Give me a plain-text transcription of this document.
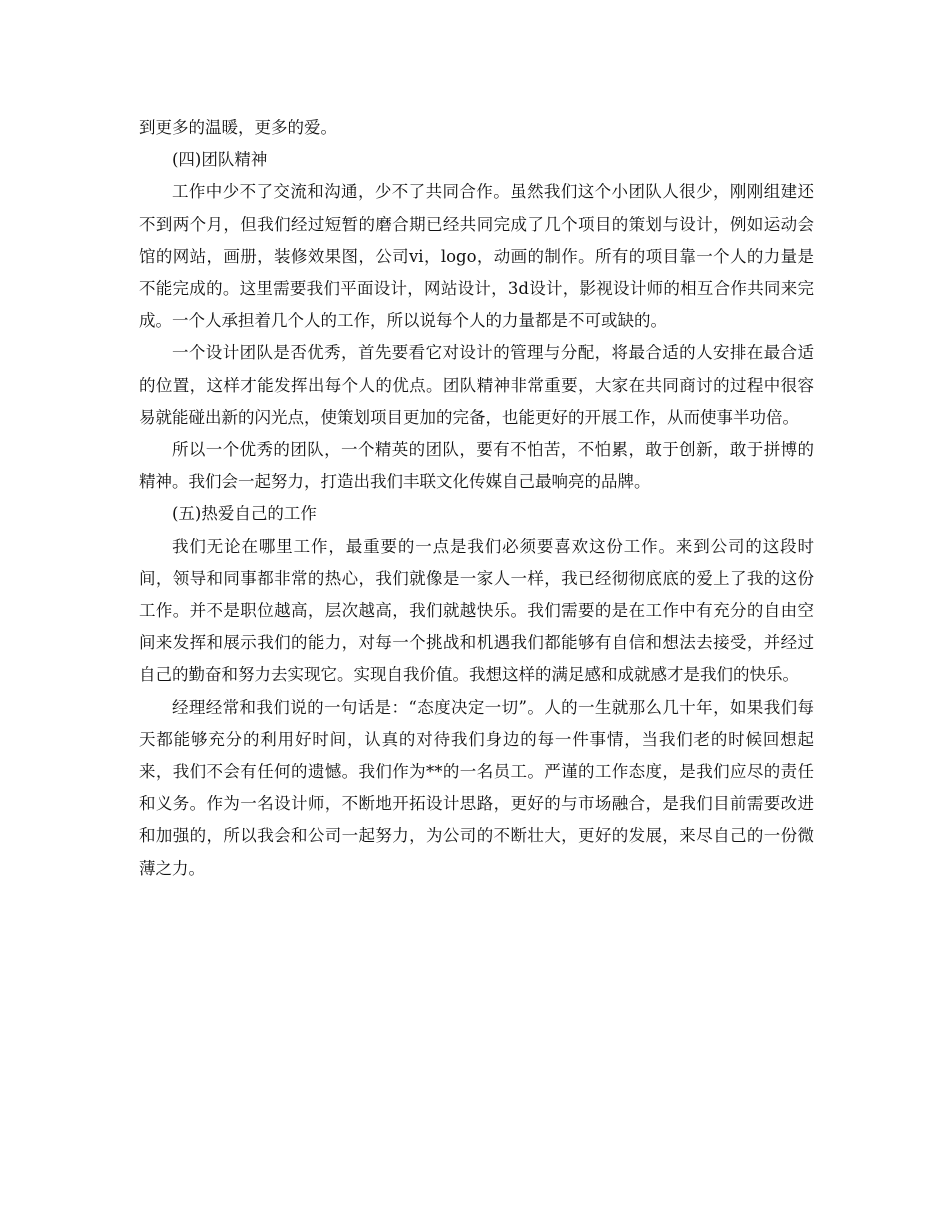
到更多的温暖，更多的爱。

(四)团队精神

工作中少不了交流和沟通，少不了共同合作。虽然我们这个小团队人很少，刚刚组建还不到两个月，但我们经过短暂的磨合期已经共同完成了几个项目的策划与设计，例如运动会馆的网站，画册，装修效果图，公司vi，logo，动画的制作。所有的项目靠一个人的力量是不能完成的。这里需要我们平面设计，网站设计，3d设计，影视设计师的相互合作共同来完成。一个人承担着几个人的工作，所以说每个人的力量都是不可或缺的。

一个设计团队是否优秀，首先要看它对设计的管理与分配，将最合适的人安排在最合适的位置，这样才能发挥出每个人的优点。团队精神非常重要，大家在共同商讨的过程中很容易就能碰出新的闪光点，使策划项目更加的完备，也能更好的开展工作，从而使事半功倍。

所以一个优秀的团队，一个精英的团队，要有不怕苦，不怕累，敢于创新，敢于拼博的精神。我们会一起努力，打造出我们丰联文化传媒自己最响亮的品牌。

(五)热爱自己的工作

我们无论在哪里工作，最重要的一点是我们必须要喜欢这份工作。来到公司的这段时间，领导和同事都非常的热心，我们就像是一家人一样，我已经彻彻底底的爱上了我的这份工作。并不是职位越高，层次越高，我们就越快乐。我们需要的是在工作中有充分的自由空间来发挥和展示我们的能力，对每一个挑战和机遇我们都能够有自信和想法去接受，并经过自己的勤奋和努力去实现它。实现自我价值。我想这样的满足感和成就感才是我们的快乐。

经理经常和我们说的一句话是：“态度决定一切”。人的一生就那么几十年，如果我们每天都能够充分的利用好时间，认真的对待我们身边的每一件事情，当我们老的时候回想起来，我们不会有任何的遗憾。我们作为**的一名员工。严谨的工作态度，是我们应尽的责任和义务。作为一名设计师，不断地开拓设计思路，更好的与市场融合，是我们目前需要改进和加强的，所以我会和公司一起努力，为公司的不断壮大，更好的发展，来尽自己的一份微薄之力。
